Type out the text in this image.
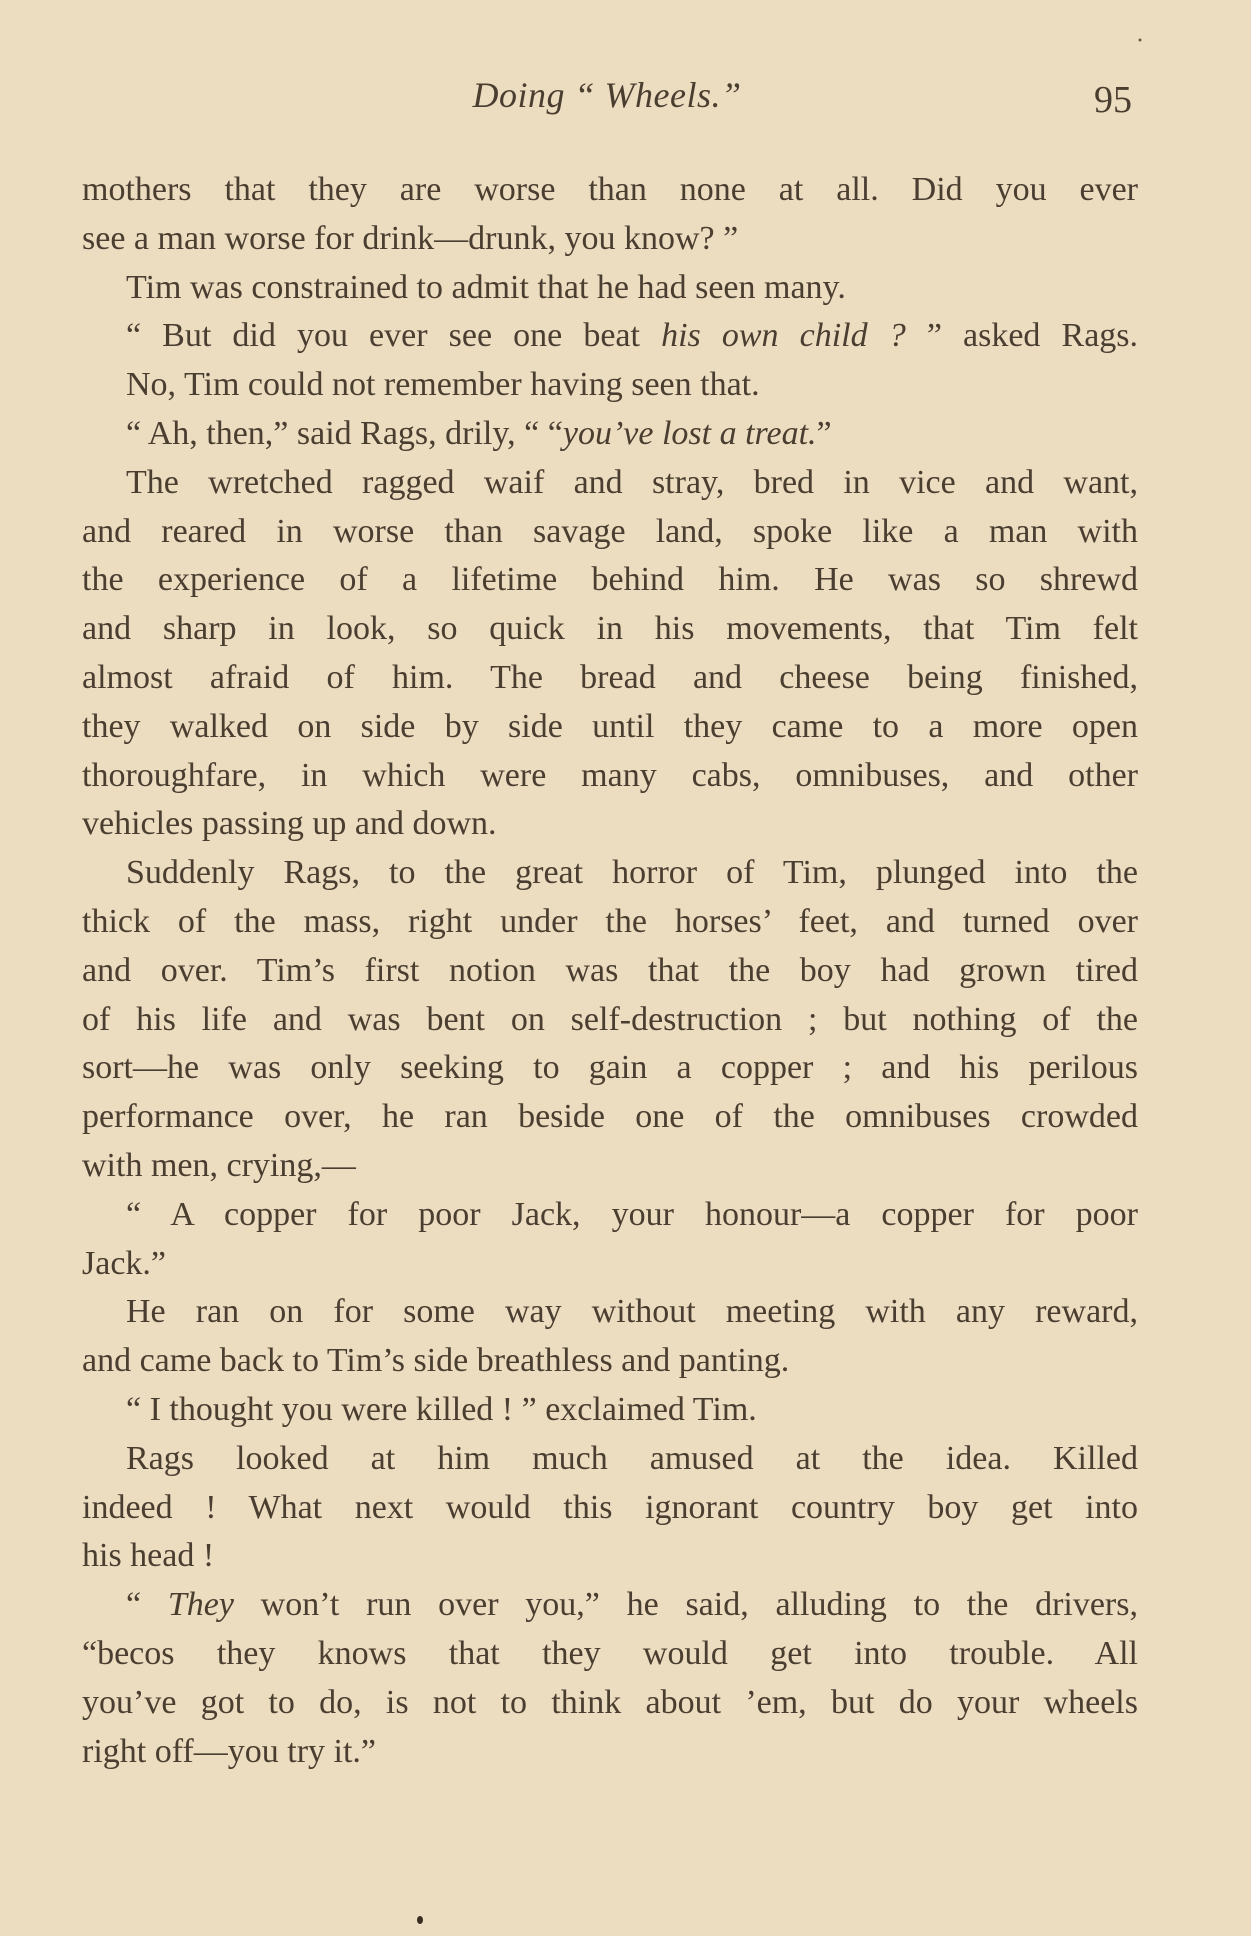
Doing “ Wheels.”	95
mothers that they are worse than none at all. Did you ever
see a man worse for drink—drunk, you know? ”
Tim was constrained to admit that he had seen many.
“ But did you ever see one beat his own child ? ” asked Rags.
No, Tim could not remember having seen that.
“ Ah, then,” said Rags, drily, “ “you’ve lost a treat.”
The wretched ragged waif and stray, bred in vice and want,
and reared in worse than savage land, spoke like a man with
the experience of a lifetime behind him. He was so shrewd
and sharp in look, so quick in his movements, that Tim felt
almost afraid of him. The bread and cheese being finished,
they walked on side by side until they came to a more open
thoroughfare, in which were many cabs, omnibuses, and other
vehicles passing up and down.
Suddenly Rags, to the great horror of Tim, plunged into the
thick of the mass, right under the horses’ feet, and turned over
and over. Tim’s first notion was that the boy had grown tired
of his life and was bent on self-destruction ; but nothing of the
sort—he was only seeking to gain a copper ; and his perilous
performance over, he ran beside one of the omnibuses crowded
with men, crying,—
“ A copper for poor Jack, your honour—a copper for poor
Jack.”
He ran on for some way without meeting with any reward,
and came back to Tim’s side breathless and panting.
“ I thought you were killed ! ” exclaimed Tim.
Rags looked at him much amused at the idea. Killed
indeed ! What next would this ignorant country boy get into
his head !
“ They won’t run over you,” he said, alluding to the drivers,
“becos they knows that they would get into trouble. All
you’ve got to do, is not to think about ’em, but do your wheels
right off—you try it.”
